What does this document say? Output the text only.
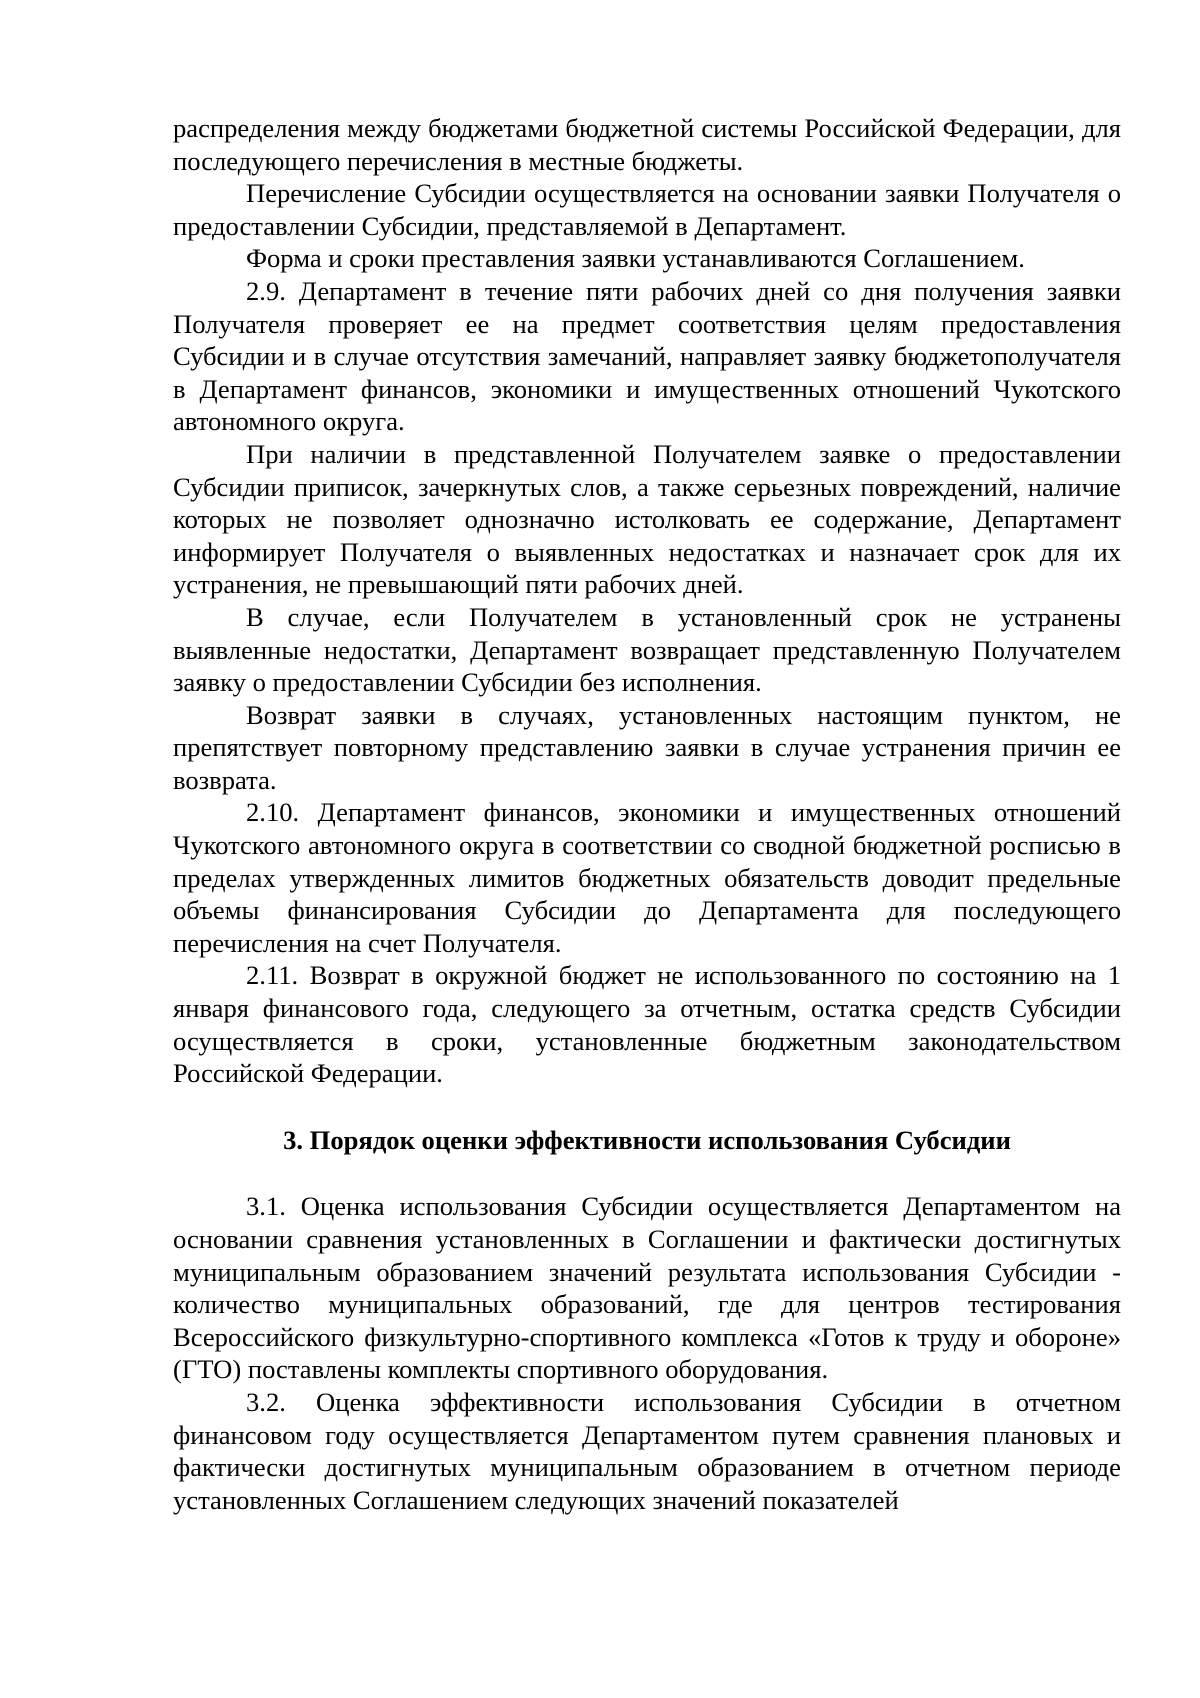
распределения между бюджетами бюджетной системы Российской Федерации, для последующего перечисления в местные бюджеты.

Перечисление Субсидии осуществляется на основании заявки Получателя о предоставлении Субсидии, представляемой в Департамент.

Форма и сроки преставления заявки устанавливаются Соглашением.

2.9. Департамент в течение пяти рабочих дней со дня получения заявки Получателя проверяет ее на предмет соответствия целям предоставления Субсидии и в случае отсутствия замечаний, направляет заявку бюджетополучателя в Департамент финансов, экономики и имущественных отношений Чукотского автономного округа.

При наличии в представленной Получателем заявке о предоставлении Субсидии приписок, зачеркнутых слов, а также серьезных повреждений, наличие которых не позволяет однозначно истолковать ее содержание, Департамент информирует Получателя о выявленных недостатках и назначает срок для их устранения, не превышающий пяти рабочих дней.

В случае, если Получателем в установленный срок не устранены выявленные недостатки, Департамент возвращает представленную Получателем заявку о предоставлении Субсидии без исполнения.

Возврат заявки в случаях, установленных настоящим пунктом, не препятствует повторному представлению заявки в случае устранения причин ее возврата.

2.10. Департамент финансов, экономики и имущественных отношений Чукотского автономного округа в соответствии со сводной бюджетной росписью в пределах утвержденных лимитов бюджетных обязательств доводит предельные объемы финансирования Субсидии до Департамента для последующего перечисления на счет Получателя.

2.11. Возврат в окружной бюджет не использованного по состоянию на 1 января финансового года, следующего за отчетным, остатка средств Субсидии осуществляется в сроки, установленные бюджетным законодательством Российской Федерации.

3. Порядок оценки эффективности использования Субсидии

3.1. Оценка использования Субсидии осуществляется Департаментом на основании сравнения установленных в Соглашении и фактически достигнутых муниципальным образованием значений результата использования Субсидии - количество муниципальных образований, где для центров тестирования Всероссийского физкультурно-спортивного комплекса «Готов к труду и обороне» (ГТО) поставлены комплекты спортивного оборудования.

3.2. Оценка эффективности использования Субсидии в отчетном финансовом году осуществляется Департаментом путем сравнения плановых и фактически достигнутых муниципальным образованием в отчетном периоде установленных Соглашением следующих значений показателей
